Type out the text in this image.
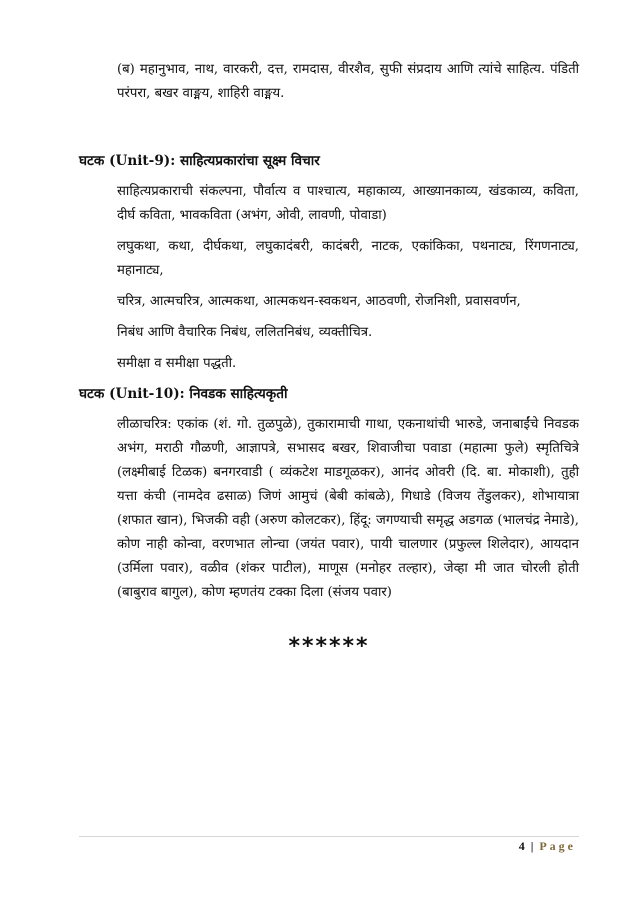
(ब) महानुभाव, नाथ, वारकरी, दत्त, रामदास, वीरशैव, सुफी संप्रदाय आणि त्यांचे साहित्य. पंडिती परंपरा, बखर वाङ्मय, शाहिरी वाङ्मय.

घटक (Unit-9): साहित्यप्रकारांचा सूक्ष्म विचार

साहित्यप्रकाराची संकल्पना, पौर्वात्य व पाश्चात्य, महाकाव्य, आख्यानकाव्य, खंडकाव्य, कविता, दीर्घ कविता, भावकविता (अभंग, ओवी, लावणी, पोवाडा)

लघुकथा, कथा, दीर्घकथा, लघुकादंबरी, कादंबरी, नाटक, एकांकिका, पथनाट्य, रिंगणनाट्य, महानाट्य,

चरित्र, आत्मचरित्र, आत्मकथा, आत्मकथन-स्वकथन, आठवणी, रोजनिशी, प्रवासवर्णन,

निबंध आणि वैचारिक निबंध, ललितनिबंध, व्यक्तीचित्र.

समीक्षा व समीक्षा पद्धती.

घटक (Unit-10): निवडक साहित्यकृती

लीळाचरित्र: एकांक (शं. गो. तुळपुळे), तुकारामाची गाथा, एकनाथांची भारुडे, जनाबाईंचे निवडक अभंग, मराठी गौळणी, आज्ञापत्रे, सभासद बखर, शिवाजीचा पवाडा (महात्मा फुले) स्मृतिचित्रे (लक्ष्मीबाई टिळक) बनगरवाडी ( व्यंकटेश माडगूळकर), आनंद ओवरी (दि. बा. मोकाशी), तुही यत्ता कंची (नामदेव ढसाळ) जिणं आमुचं (बेबी कांबळे), गिधाडे (विजय तेंडुलकर), शोभायात्रा (शफात खान), भिजकी वही (अरुण कोलटकर), हिंदू: जगण्याची समृद्ध अडगळ (भालचंद्र नेमाडे), कोण नाही कोन्वा, वरणभात लोन्चा (जयंत पवार), पायी चालणार (प्रफुल्ल शिलेदार), आयदान (उर्मिला पवार), वळीव (शंकर पाटील), माणूस (मनोहर तल्हार), जेव्हा मी जात चोरली होती (बाबुराव बागुल), कोण म्हणतंय टक्का दिला (संजय पवार)

******
4 | Page
